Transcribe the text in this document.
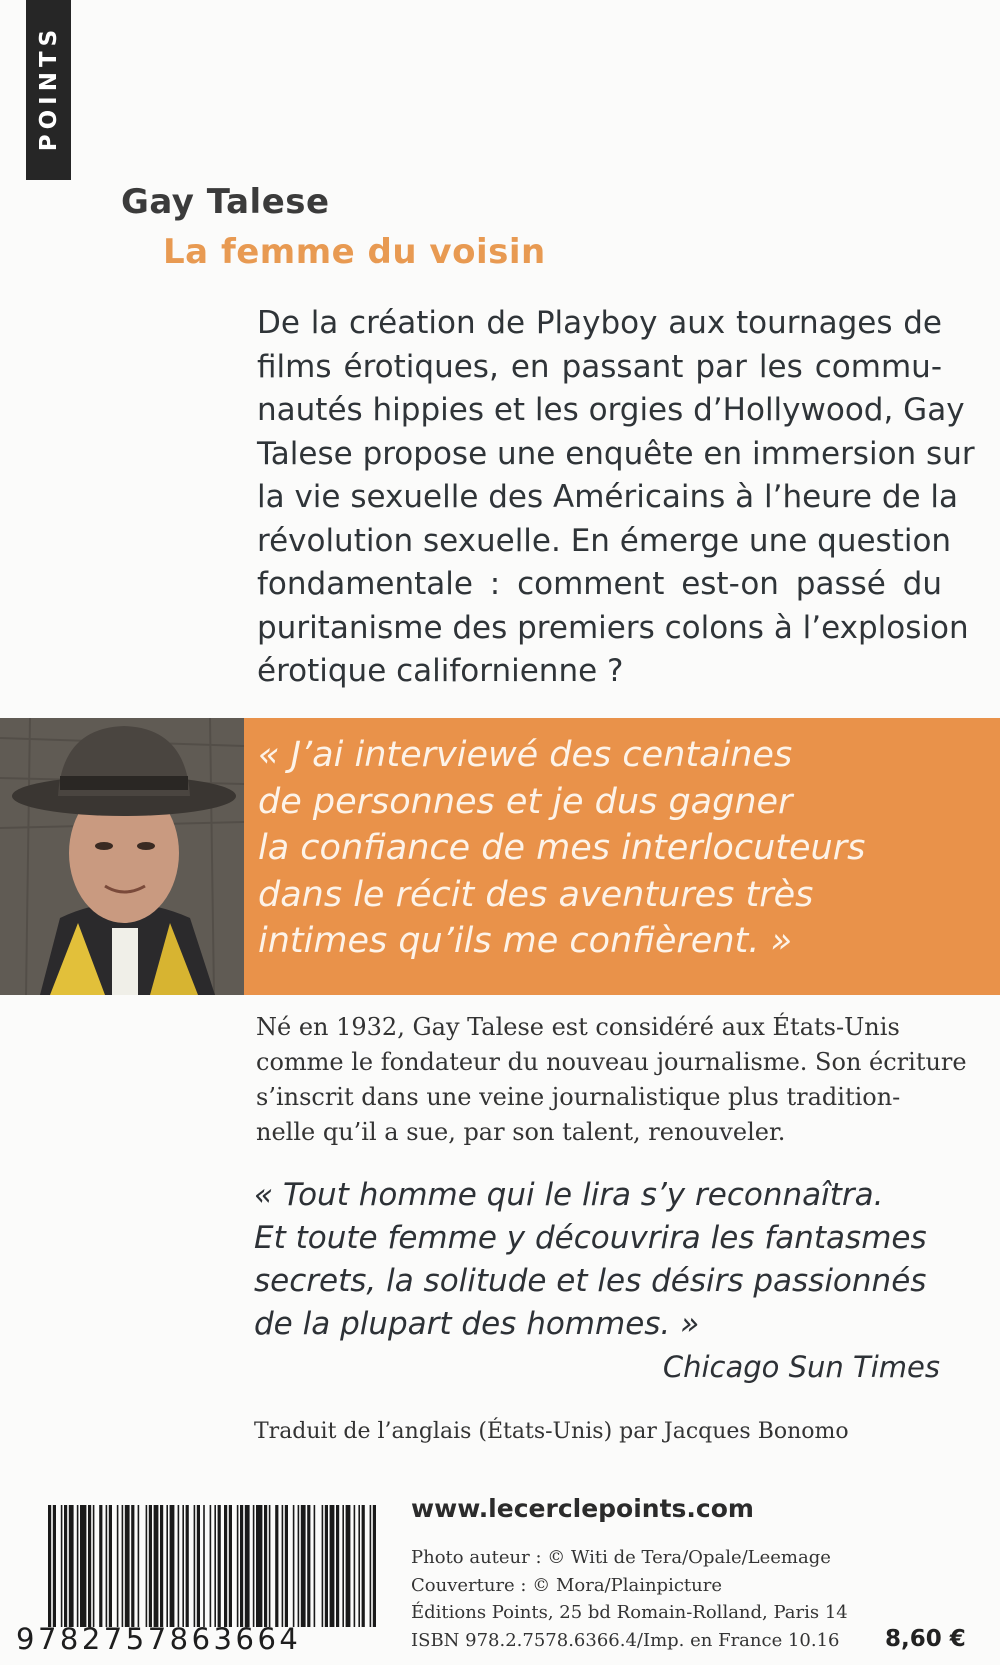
POINTS
Gay Talese
La femme du voisin
De la création de Playboy aux tournages de
films érotiques, en passant par les commu-
nautés hippies et les orgies d’Hollywood, Gay
Talese propose une enquête en immersion sur
la vie sexuelle des Américains à l’heure de la
révolution sexuelle. En émerge une question
fondamentale : comment est-on passé du
puritanisme des premiers colons à l’explosion
érotique californienne ?
« J’ai interviewé des centaines
de personnes et je dus gagner
la confiance de mes interlocuteurs
dans le récit des aventures très
intimes qu’ils me confièrent. »
Né en 1932, Gay Talese est considéré aux États-Unis
comme le fondateur du nouveau journalisme. Son écriture
s’inscrit dans une veine journalistique plus tradition-
nelle qu’il a sue, par son talent, renouveler.
« Tout homme qui le lira s’y reconnaîtra.
Et toute femme y découvrira les fantasmes
secrets, la solitude et les désirs passionnés
de la plupart des hommes. »
Chicago Sun Times
Traduit de l’anglais (États-Unis) par Jacques Bonomo
9782757863664
www.lecerclepoints.com
Photo auteur : © Witi de Tera/Opale/Leemage
Couverture : © Mora/Plainpicture
Éditions Points, 25 bd Romain-Rolland, Paris 14
ISBN 978.2.7578.6366.4/Imp. en France 10.16	8,60 €
